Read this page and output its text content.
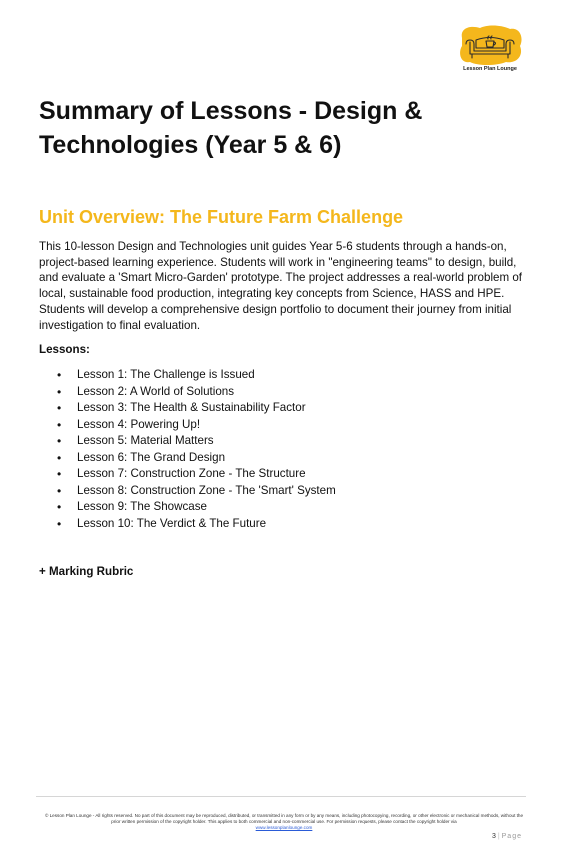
Lesson Plan Lounge
Summary of Lessons - Design & Technologies (Year 5 & 6)
Unit Overview: The Future Farm Challenge

This 10-lesson Design and Technologies unit guides Year 5-6 students through a hands-on, project-based learning experience. Students will work in "engineering teams" to design, build, and evaluate a 'Smart Micro-Garden' prototype. The project addresses a real-world problem of local, sustainable food production, integrating key concepts from Science, HASS and HPE. Students will develop a comprehensive design portfolio to document their journey from initial investigation to final evaluation.

Lessons:

• Lesson 1: The Challenge is Issued
• Lesson 2: A World of Solutions
• Lesson 3: The Health & Sustainability Factor
• Lesson 4: Powering Up!
• Lesson 5: Material Matters
• Lesson 6: The Grand Design
• Lesson 7: Construction Zone - The Structure
• Lesson 8: Construction Zone - The 'Smart' System
• Lesson 9: The Showcase
• Lesson 10: The Verdict & The Future

+ Marking Rubric

© Lesson Plan Lounge - All rights reserved. No part of this document may be reproduced, distributed, or transmitted in any form or by any means, including photocopying, recording, or other electronic or mechanical methods, without the prior written permission of the copyright holder. This applies to both commercial and non-commercial use. For permission requests, please contact the copyright holder via
www.lessonplanlounge.com

3 | Page
